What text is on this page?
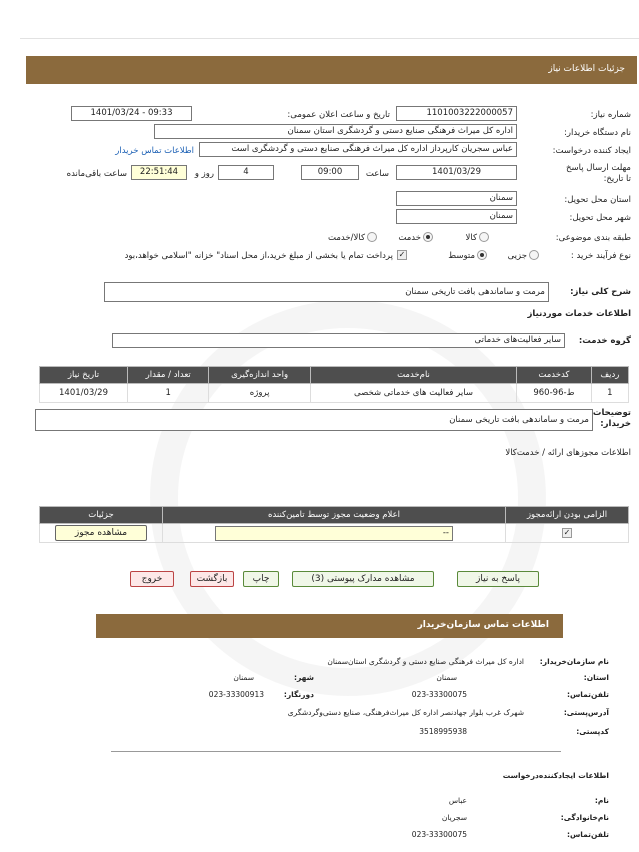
جزئیات اطلاعات نیاز
شماره نیاز:
1101003222000057
تاریخ و ساعت اعلان عمومی:
1401/03/24 - 09:33
نام دستگاه خریدار:
اداره کل میراث فرهنگی صنایع دستی و گردشگری استان سمنان
ایجاد کننده درخواست:
عباس سجریان کارپرداز اداره کل میراث فرهنگی صنایع دستی و گردشگری است
اطلاعات تماس خریدار
مهلت ارسال پاسخ تا تاریخ:
1401/03/29
ساعت
09:00
4
روز و
22:51:44
ساعت باقی‌مانده
استان محل تحویل:
سمنان
شهر محل تحویل:
سمنان
طبقه بندی موضوعی:
کالا
خدمت
کالا/خدمت
نوع فرآیند خرید :
جزیی
متوسط
✓
پرداخت تمام یا بخشی از مبلغ خرید،از محل اسناد" خزانه "اسلامی خواهد،بود
شرح کلی نیاز:
مرمت و ساماندهی بافت تاریخی سمنان
اطلاعات خدمات مورد‌نیاز
گروه خدمت:
سایر فعالیت‌های خدماتی
ردیف	کدخدمت	نام‌خدمت	واحد اندازه‌گیری	تعداد / مقدار	تاریخ نیاز
1	ط-96-960	سایر فعالیت های خدماتی شخصی	پروژه	1	1401/03/29
توضیحات خریدار:
مرمت و ساماندهی بافت تاریخی سمنان
اطلاعات مجوزهای ارائه / خدمت‌کالا
الزامی بودن ارائه‌مجوز	اعلام وضعیت مجوز توسط تامین‌کننده	جزئیات
✓	--	مشاهده مجوز
پاسخ به نیاز
مشاهده مدارک پیوستی (3)
چاپ
بازگشت
خروج
اطلاعات تماس سازمان‌خریدار
نام سازمان‌خریدار:
اداره کل میراث فرهنگی صنایع دستی و گردشگری استان‌سمنان
استان:
سمنان
شهر:
سمنان
تلفن‌تماس:
023-33300075
دورنگار:
023-33300913
آدرس‌پستی:
شهرک غرب بلوار جهاد‌نصر اداره کل میراث‌فرهنگی، صنایع دستی‌وگردشگری
کدپستی:
3518995938
اطلاعات ایجادکننده‌درخواست
نام:
عباس
نام‌خانوادگی:
سجریان
تلفن‌تماس:
023-33300075
